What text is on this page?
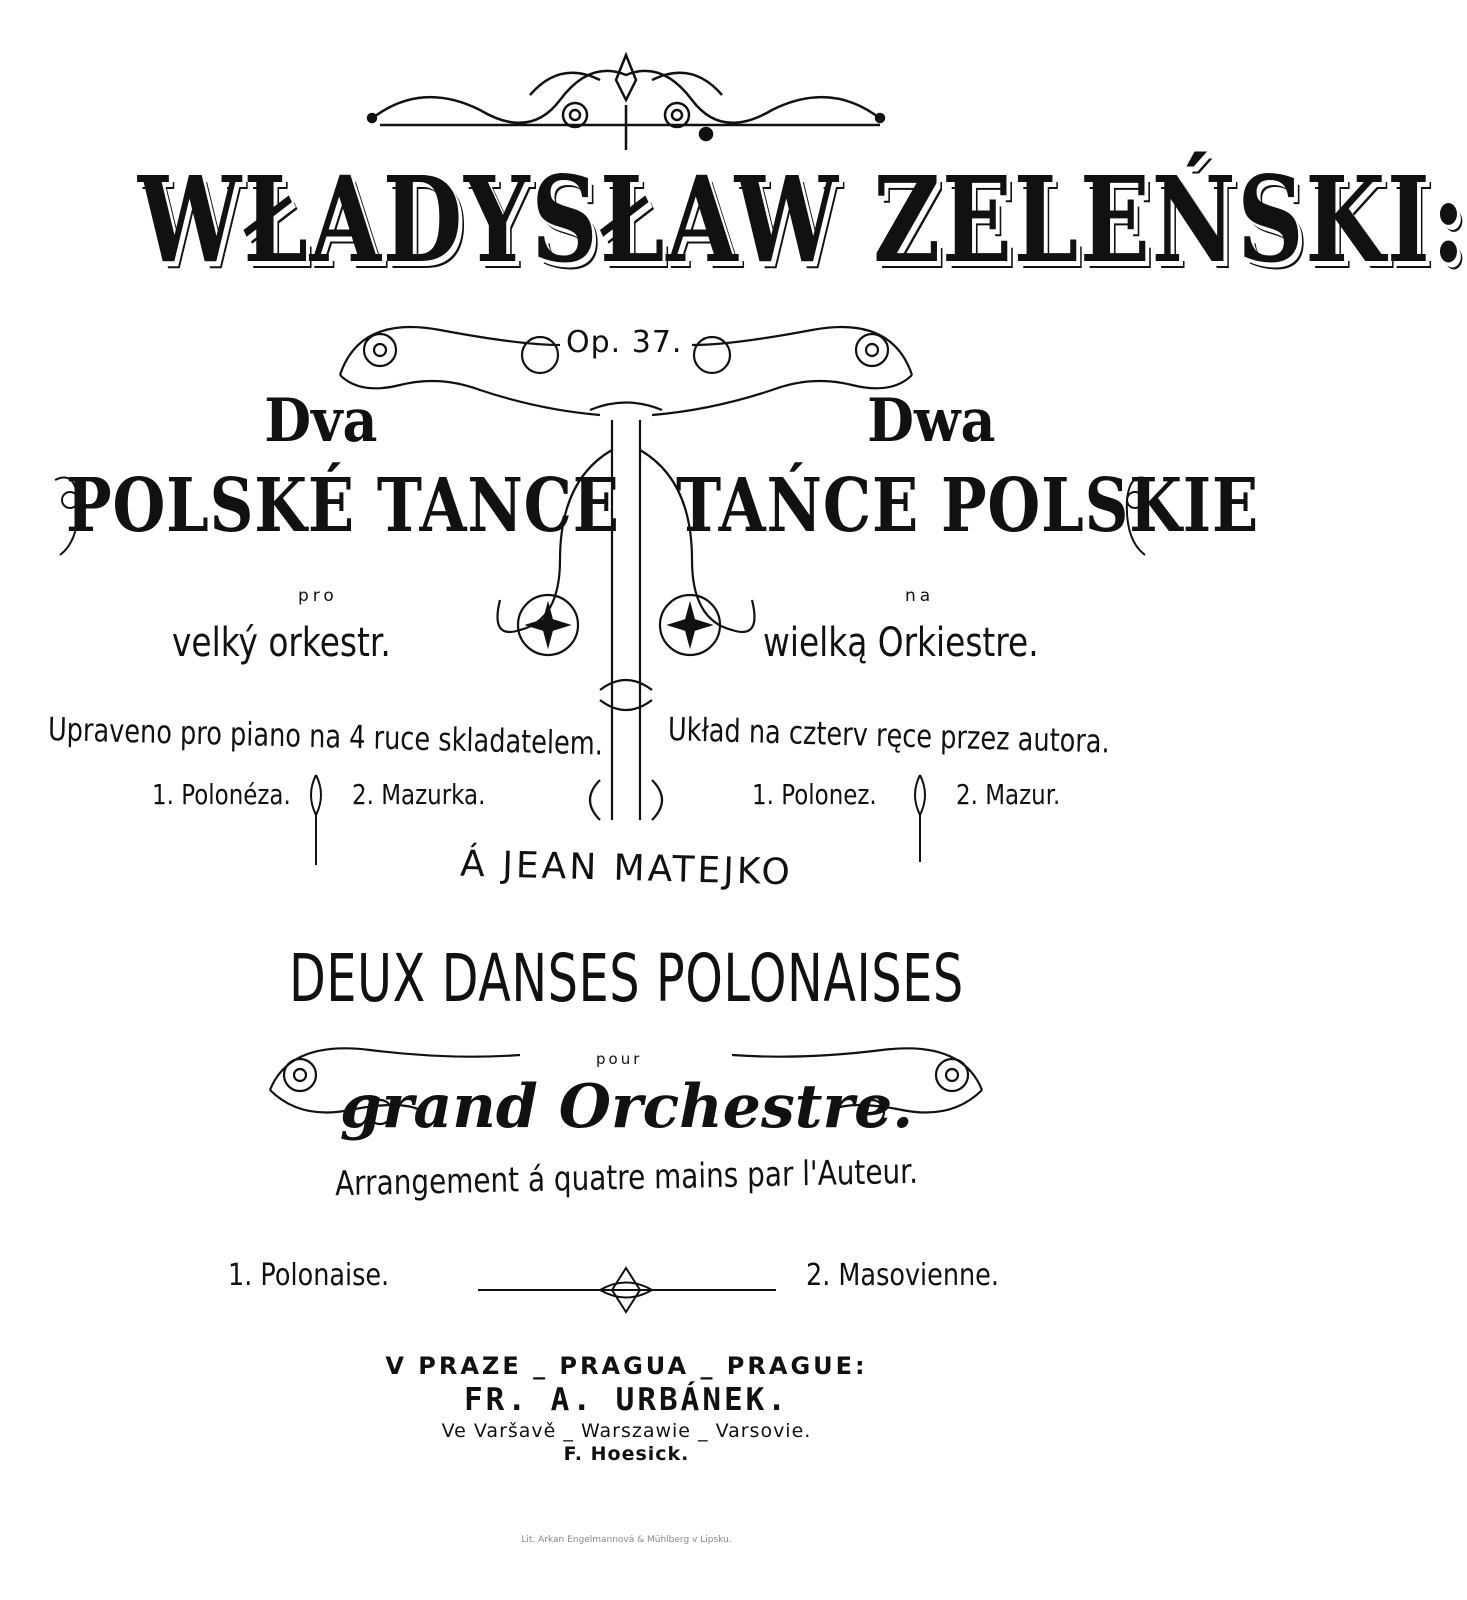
WŁADYSŁAW ZELEŃSKI:
Op. 37.
Dva	Dwa
POLSKÉ TANCE TAŃCE POLSKIE
pro	na
velký orkestr.	wielką Orkiestre.
Upraveno pro piano na 4 ruce skladatelem. Układ na czterv ręce przez autora.
1. Polonéza. 2. Mazurka.	1. Polonez.	2. Mazur.
Á JEAN MATEJKO
DEUX DANSES POLONAISES
pour
grand Orchestre.
Arrangement á quatre mains par l'Auteur.
1. Polonaise.	2. Masovienne.
V PRAZE _ PRAGUA _ PRAGUE:
FR. A. URBÁNEK.
Ve Varšavě _ Warszawie _ Varsovie.
F. Hoesick.
Lit. Arkan Engelmannová & Mühlberg v Lipsku.
